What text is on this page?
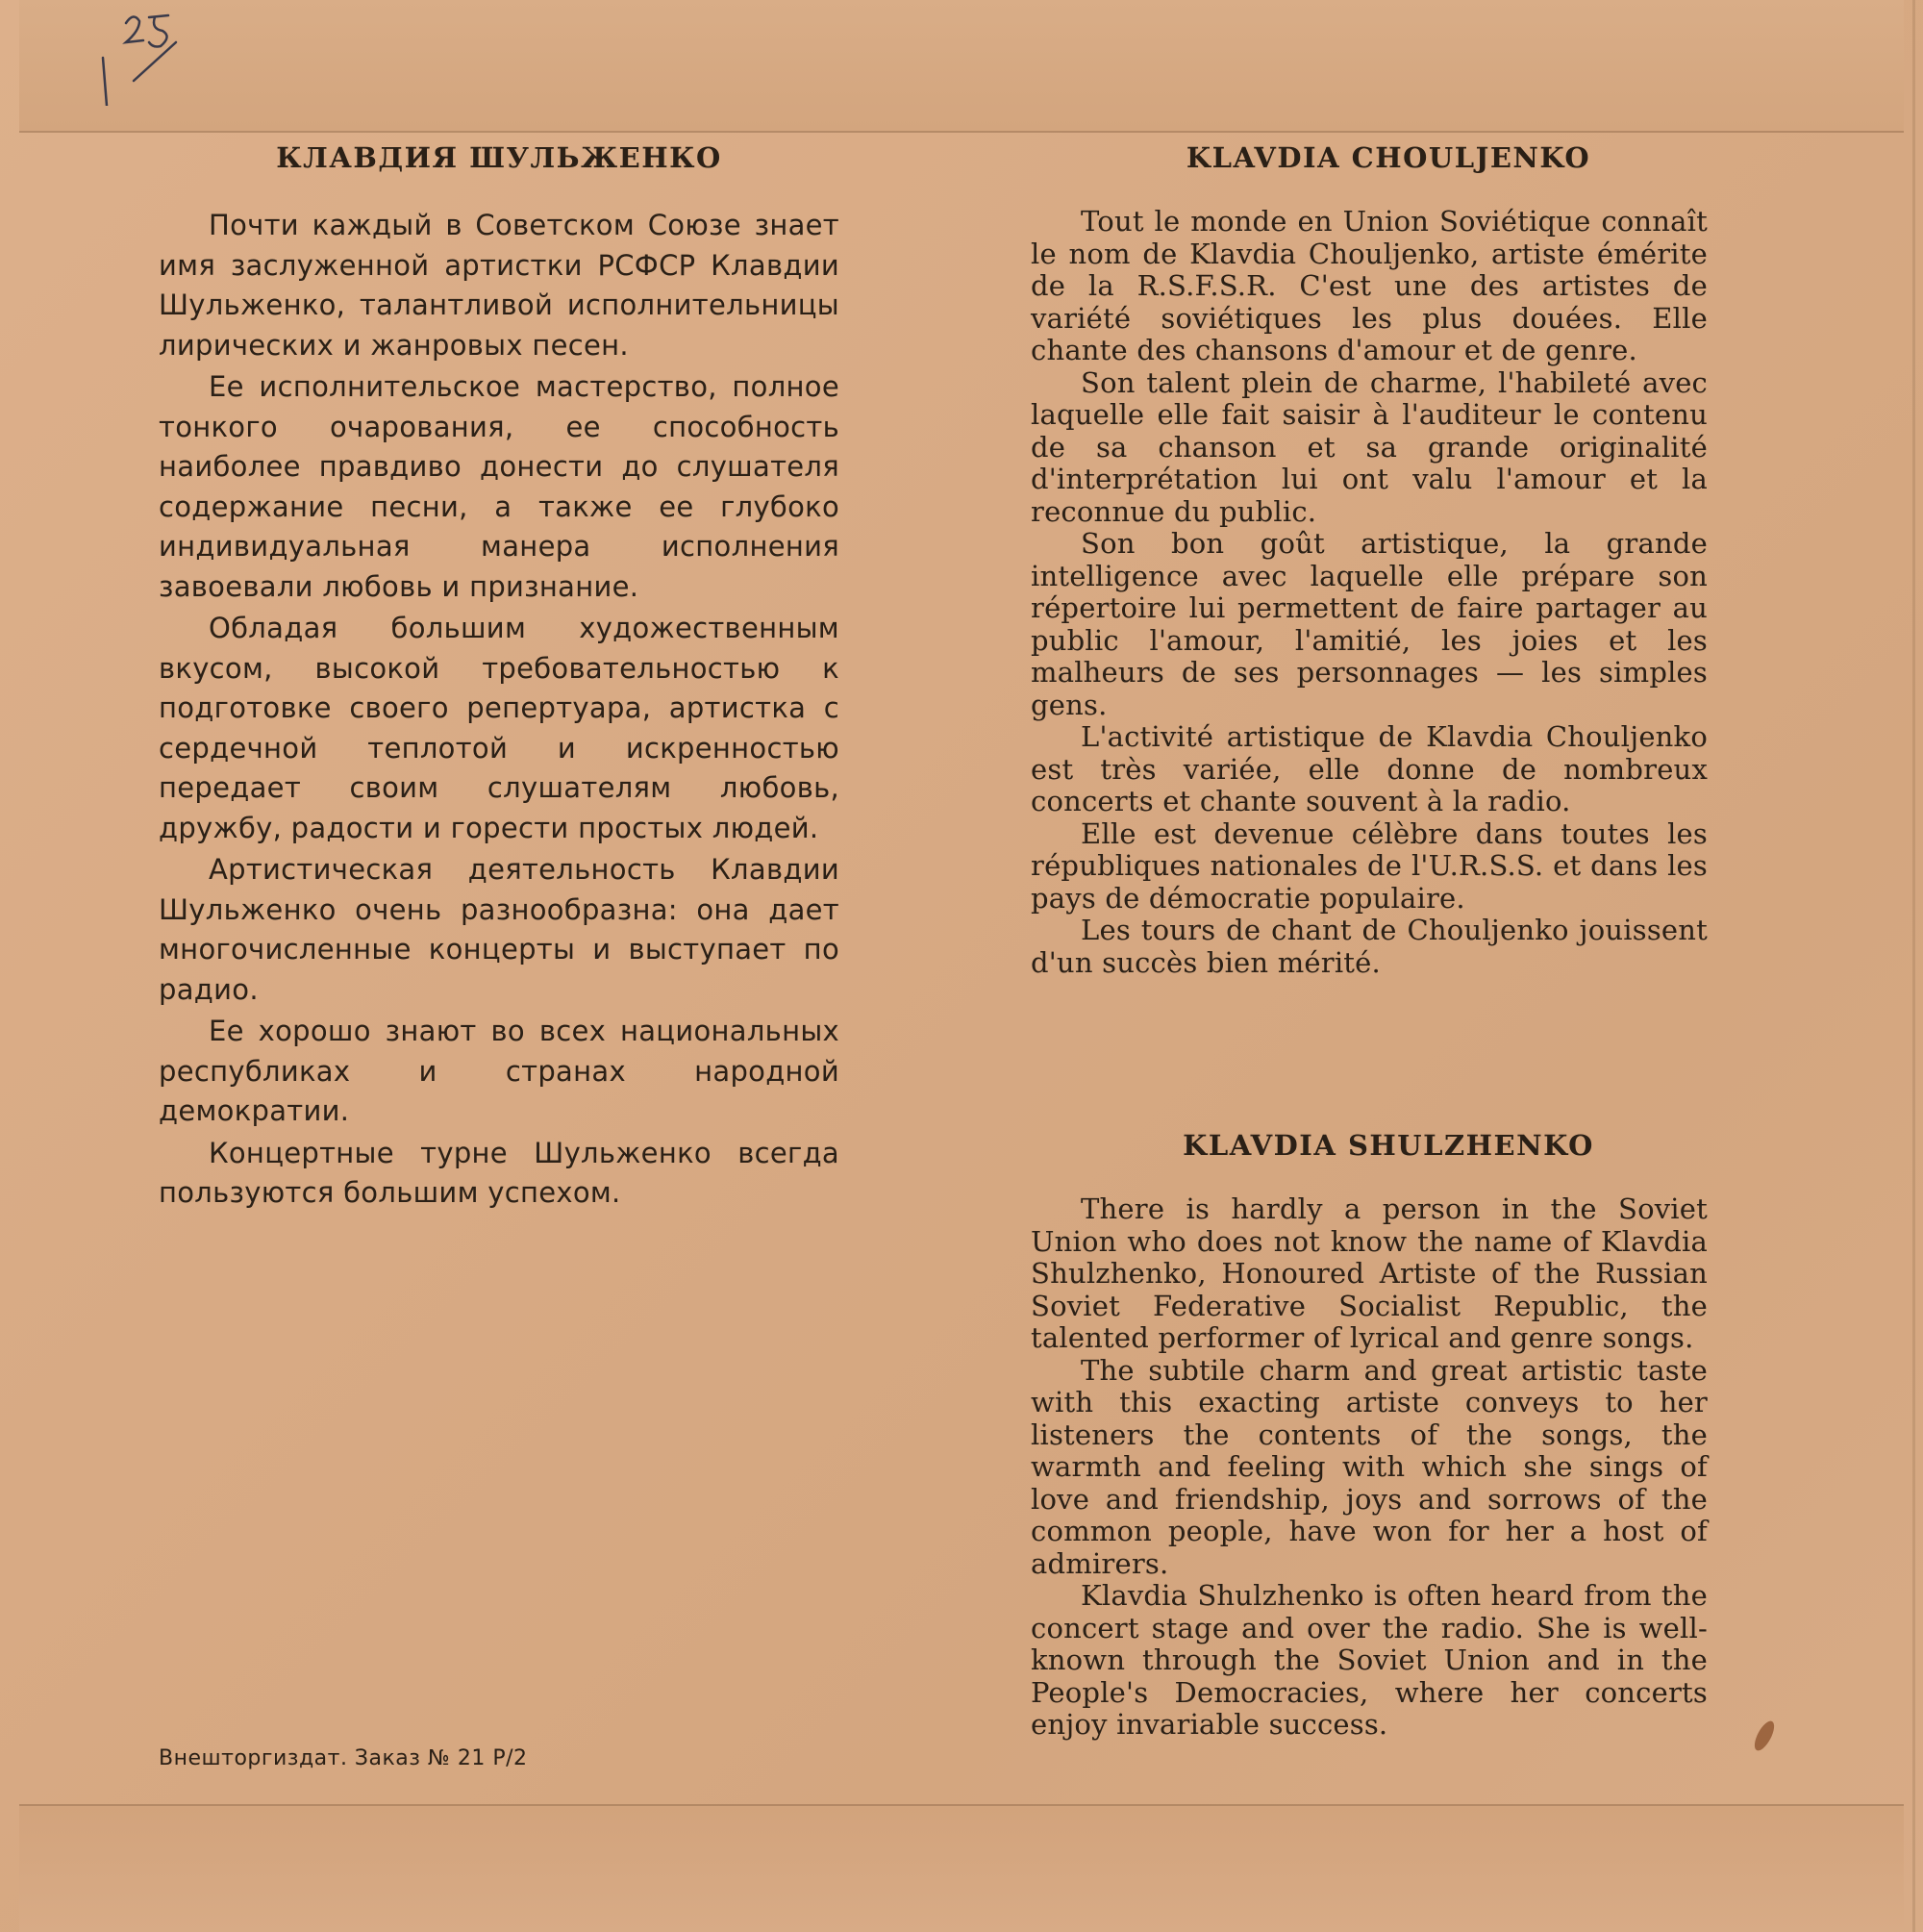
КЛАВДИЯ ШУЛЬЖЕНКО

Почти каждый в Советском Союзе знает имя заслуженной артистки РСФСР Клавдии Шульженко, талантливой исполнительницы лирических и жанровых песен.

Ее исполнительское мастерство, полное тонкого очарования, ее способность наиболее правдиво донести до слушателя содержание песни, а также ее глубоко индивидуальная манера исполнения завоевали любовь и признание.

Обладая большим художественным вкусом, высокой требовательностью к подготовке своего репертуара, артистка с сердечной теплотой и искренностью передает своим слушателям любовь, дружбу, радости и горести простых людей.

Артистическая деятельность Клавдии Шульженко очень разнообразна: она дает многочисленные концерты и выступает по радио.

Ее хорошо знают во всех национальных республиках и странах народной демократии.

Концертные турне Шульженко всегда пользуются большим успехом.

KLAVDIA CHOULJENKO

Tout le monde en Union Soviétique connaît le nom de Klavdia Chouljenko, artiste émérite de la R.S.F.S.R. C'est une des artistes de variété soviétiques les plus douées. Elle chante des chansons d'amour et de genre.

Son talent plein de charme, l'habileté avec laquelle elle fait saisir à l'auditeur le contenu de sa chanson et sa grande originalité d'interprétation lui ont valu l'amour et la reconnue du public.

Son bon goût artistique, la grande intelligence avec laquelle elle prépare son répertoire lui permettent de faire partager au public l'amour, l'amitié, les joies et les malheurs de ses personnages — les simples gens.

L'activité artistique de Klavdia Chouljenko est très variée, elle donne de nombreux concerts et chante souvent à la radio.

Elle est devenue célèbre dans toutes les républiques nationales de l'U.R.S.S. et dans les pays de démocratie populaire.

Les tours de chant de Chouljenko jouissent d'un succès bien mérité.

KLAVDIA SHULZHENKO

There is hardly a person in the Soviet Union who does not know the name of Klavdia Shulzhenko, Honoured Artiste of the Russian Soviet Federative Socialist Republic, the talented performer of lyrical and genre songs.

The subtile charm and great artistic taste with this exacting artiste conveys to her listeners the contents of the songs, the warmth and feeling with which she sings of love and friendship, joys and sorrows of the common people, have won for her a host of admirers.

Klavdia Shulzhenko is often heard from the concert stage and over the radio. She is well-known through the Soviet Union and in the People's Democracies, where her concerts enjoy invariable success.

Внешторгиздат. Заказ № 21 Р/2
